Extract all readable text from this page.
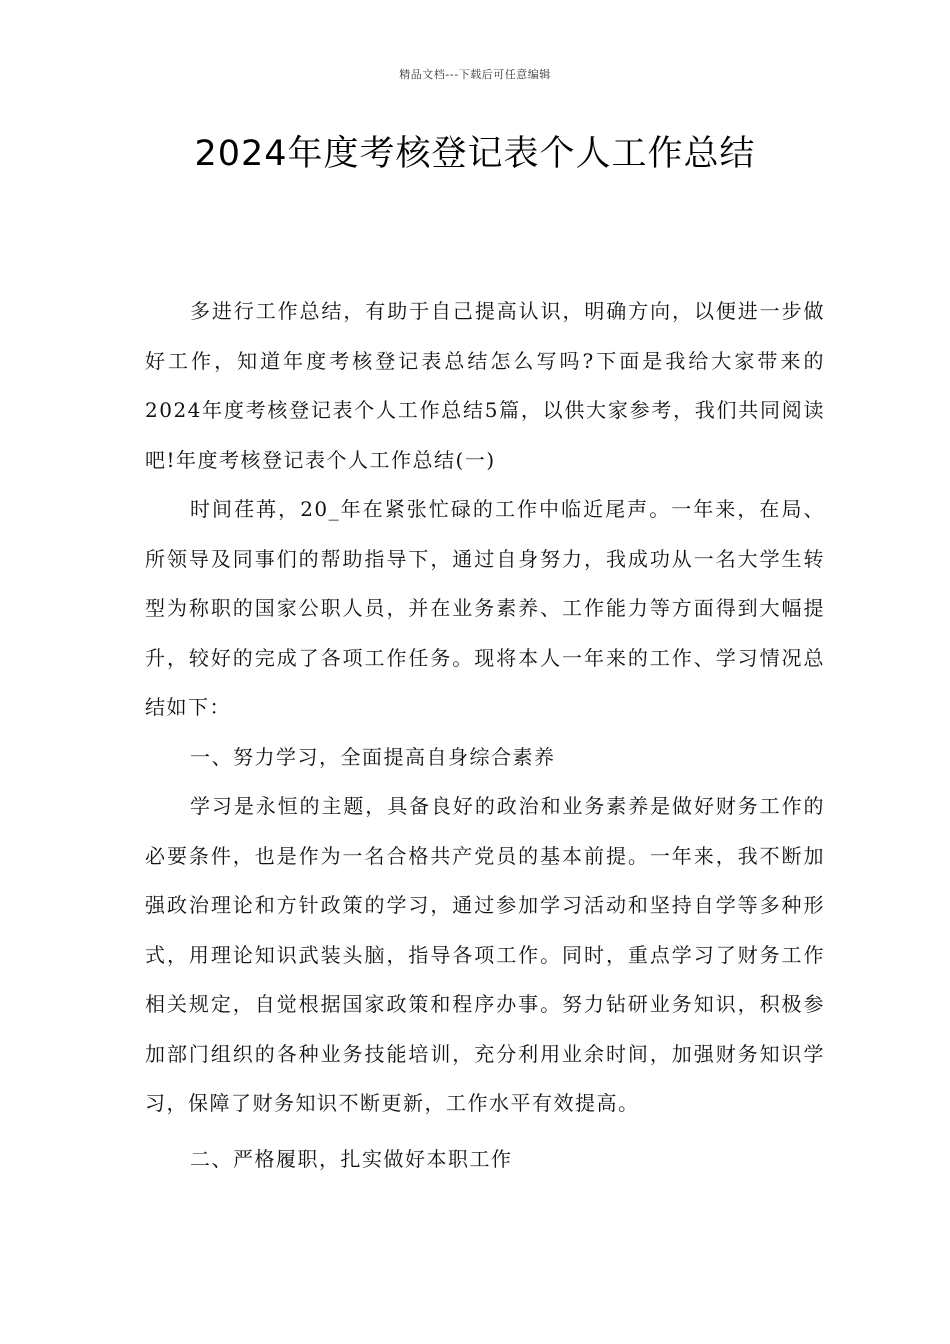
精品文档---下载后可任意编辑
2024年度考核登记表个人工作总结

多进行工作总结，有助于自己提高认识，明确方向，以便进一步做好工作，知道年度考核登记表总结怎么写吗?下面是我给大家带来的2024年度考核登记表个人工作总结5篇，以供大家参考，我们共同阅读吧!年度考核登记表个人工作总结(一)

时间荏苒，20_年在紧张忙碌的工作中临近尾声。一年来，在局、所领导及同事们的帮助指导下，通过自身努力，我成功从一名大学生转型为称职的国家公职人员，并在业务素养、工作能力等方面得到大幅提升，较好的完成了各项工作任务。现将本人一年来的工作、学习情况总结如下：

一、努力学习，全面提高自身综合素养

学习是永恒的主题，具备良好的政治和业务素养是做好财务工作的必要条件，也是作为一名合格共产党员的基本前提。一年来，我不断加强政治理论和方针政策的学习，通过参加学习活动和坚持自学等多种形式，用理论知识武装头脑，指导各项工作。同时，重点学习了财务工作相关规定，自觉根据国家政策和程序办事。努力钻研业务知识，积极参加部门组织的各种业务技能培训，充分利用业余时间，加强财务知识学习，保障了财务知识不断更新，工作水平有效提高。

二、严格履职，扎实做好本职工作
